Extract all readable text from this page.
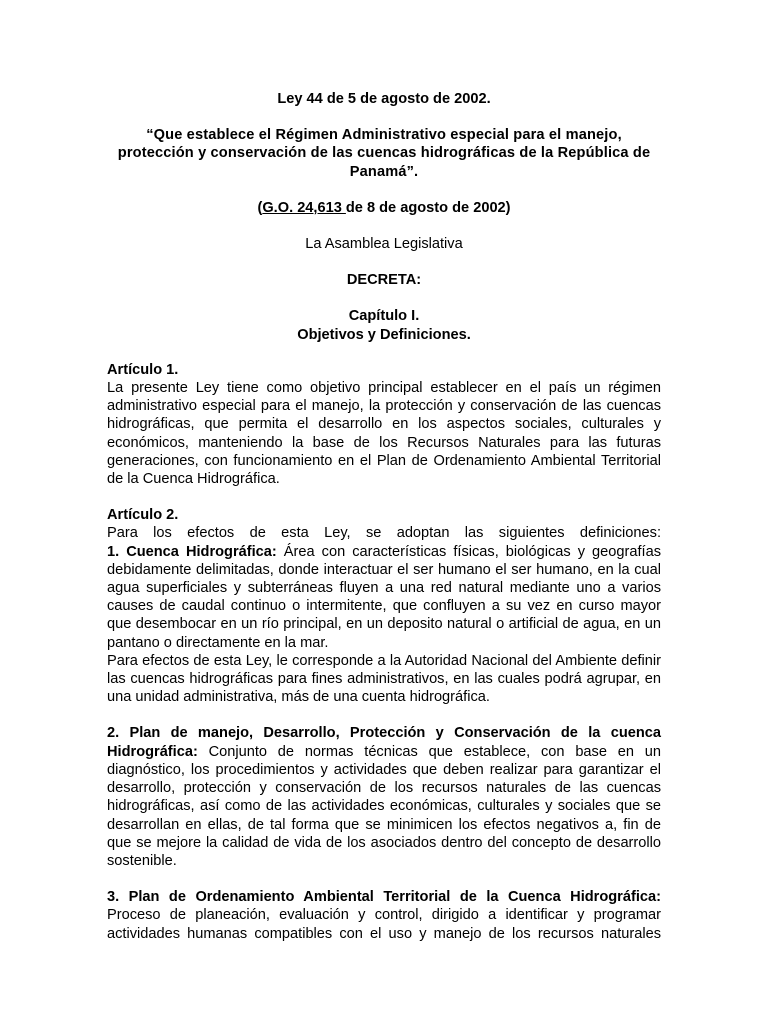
Ley 44 de 5 de agosto de 2002.
“Que establece el Régimen Administrativo especial para el manejo, protección y conservación de las cuencas hidrográficas de la República de Panamá”.
(G.O. 24,613 de 8 de agosto de 2002)
La Asamblea Legislativa
DECRETA:
Capítulo I.
Objetivos y Definiciones.
Artículo 1.
La presente Ley tiene como objetivo principal establecer en el país un régimen administrativo especial para el manejo, la protección y conservación de las cuencas hidrográficas, que permita el desarrollo en los aspectos sociales, culturales y económicos, manteniendo la base de los Recursos Naturales para las futuras generaciones, con funcionamiento en el Plan de Ordenamiento Ambiental Territorial de la Cuenca Hidrográfica.
Artículo 2.
Para los efectos de esta Ley, se adoptan las siguientes definiciones:
1. Cuenca Hidrográfica: Área con características físicas, biológicas y geografías debidamente delimitadas, donde interactuar el ser humano el ser humano, en la cual agua superficiales y subterráneas fluyen a una red natural mediante uno a varios causes de caudal continuo o intermitente, que confluyen a su vez en curso mayor que desembocar en un río principal, en un deposito natural o artificial de agua, en un pantano o directamente en la mar.
Para efectos de esta Ley, le corresponde a la Autoridad Nacional del Ambiente definir las cuencas hidrográficas para fines administrativos, en las cuales podrá agrupar, en una unidad administrativa, más de una cuenta hidrográfica.
2. Plan de manejo, Desarrollo, Protección y Conservación de la cuenca Hidrográfica: Conjunto de normas técnicas que establece, con base en un diagnóstico, los procedimientos y actividades que deben realizar para garantizar el desarrollo, protección y conservación de los recursos naturales de las cuencas hidrográficas, así como de las actividades económicas, culturales y sociales que se desarrollan en ellas, de tal forma que se minimicen los efectos negativos a, fin de que se mejore la calidad de vida de los asociados dentro del concepto de desarrollo sostenible.
3. Plan de Ordenamiento Ambiental Territorial de la Cuenca Hidrográfica: Proceso de planeación, evaluación y control, dirigido a identificar y programar actividades humanas compatibles con el uso y manejo de los recursos naturales
